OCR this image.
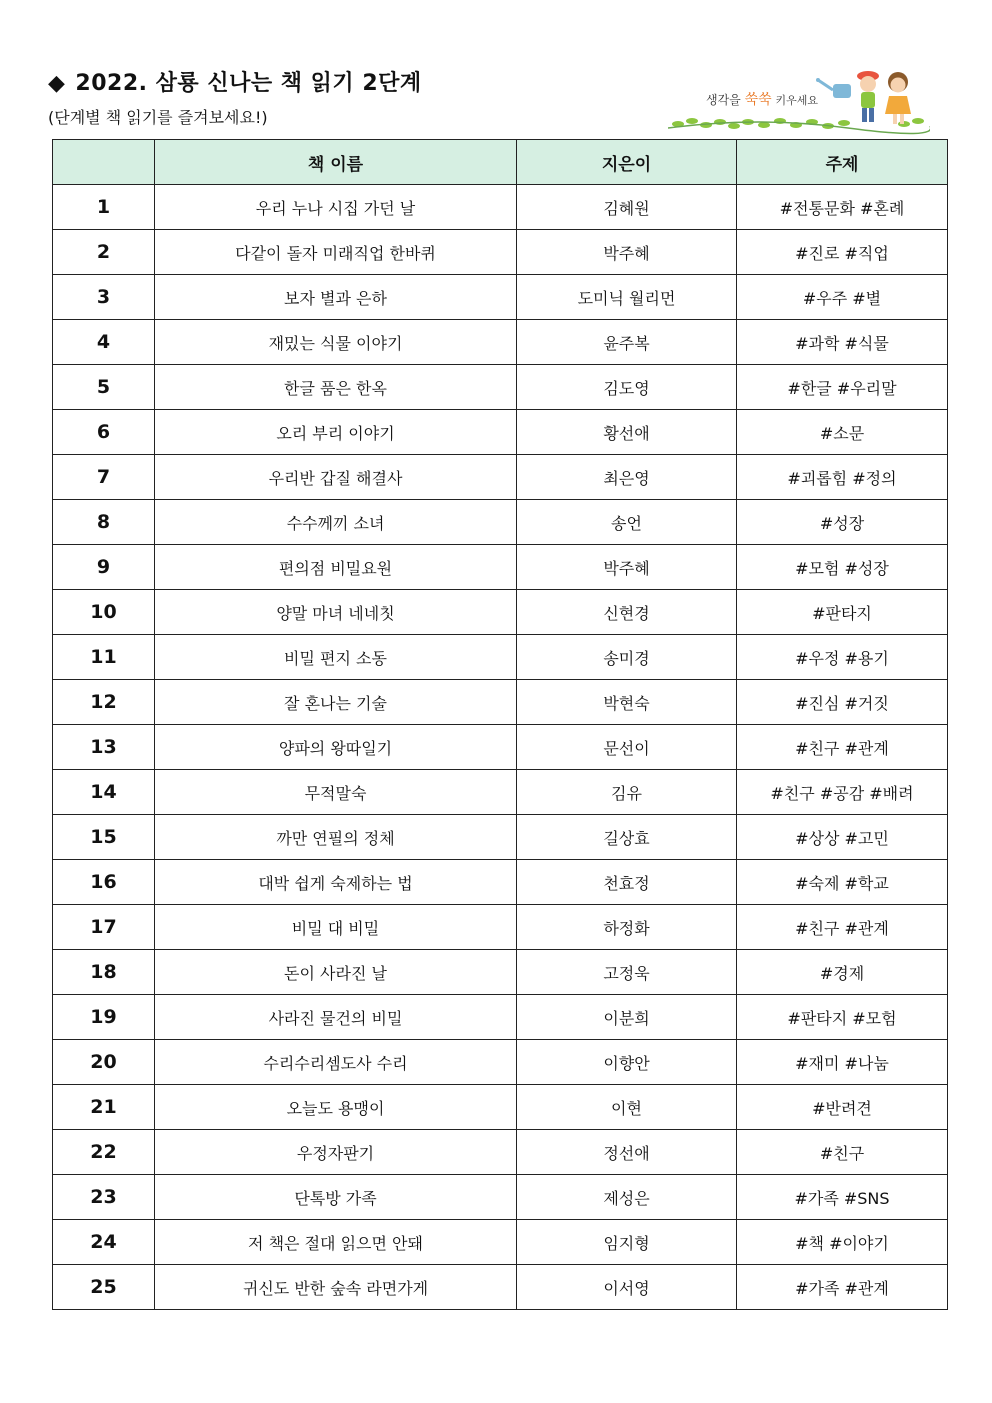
◆ 2022. 삼룡 신나는 책 읽기 2단계
(단계별 책 읽기를 즐겨보세요!)
생각을 쑥쑥 키우세요
	책 이름	지은이	주제
1	우리 누나 시집 가던 날	김혜원	#전통문화 #혼례
2	다같이 돌자 미래직업 한바퀴	박주혜	#진로 #직업
3	보자 별과 은하	도미닉 월리먼	#우주 #별
4	재밌는 식물 이야기	윤주복	#과학 #식물
5	한글 품은 한옥	김도영	#한글 #우리말
6	오리 부리 이야기	황선애	#소문
7	우리반 갑질 해결사	최은영	#괴롭힘 #정의
8	수수께끼 소녀	송언	#성장
9	편의점 비밀요원	박주혜	#모험 #성장
10	양말 마녀 네네칫	신현경	#판타지
11	비밀 편지 소동	송미경	#우정 #용기
12	잘 혼나는 기술	박현숙	#진심 #거짓
13	양파의 왕따일기	문선이	#친구 #관계
14	무적말숙	김유	#친구 #공감 #배려
15	까만 연필의 정체	길상효	#상상 #고민
16	대박 쉽게 숙제하는 법	천효정	#숙제 #학교
17	비밀 대 비밀	하정화	#친구 #관계
18	돈이 사라진 날	고정욱	#경제
19	사라진 물건의 비밀	이분희	#판타지 #모험
20	수리수리셈도사 수리	이향안	#재미 #나눔
21	오늘도 용맹이	이현	#반려견
22	우정자판기	정선애	#친구
23	단톡방 가족	제성은	#가족 #SNS
24	저 책은 절대 읽으면 안돼	임지형	#책 #이야기
25	귀신도 반한 숲속 라면가게	이서영	#가족 #관계
